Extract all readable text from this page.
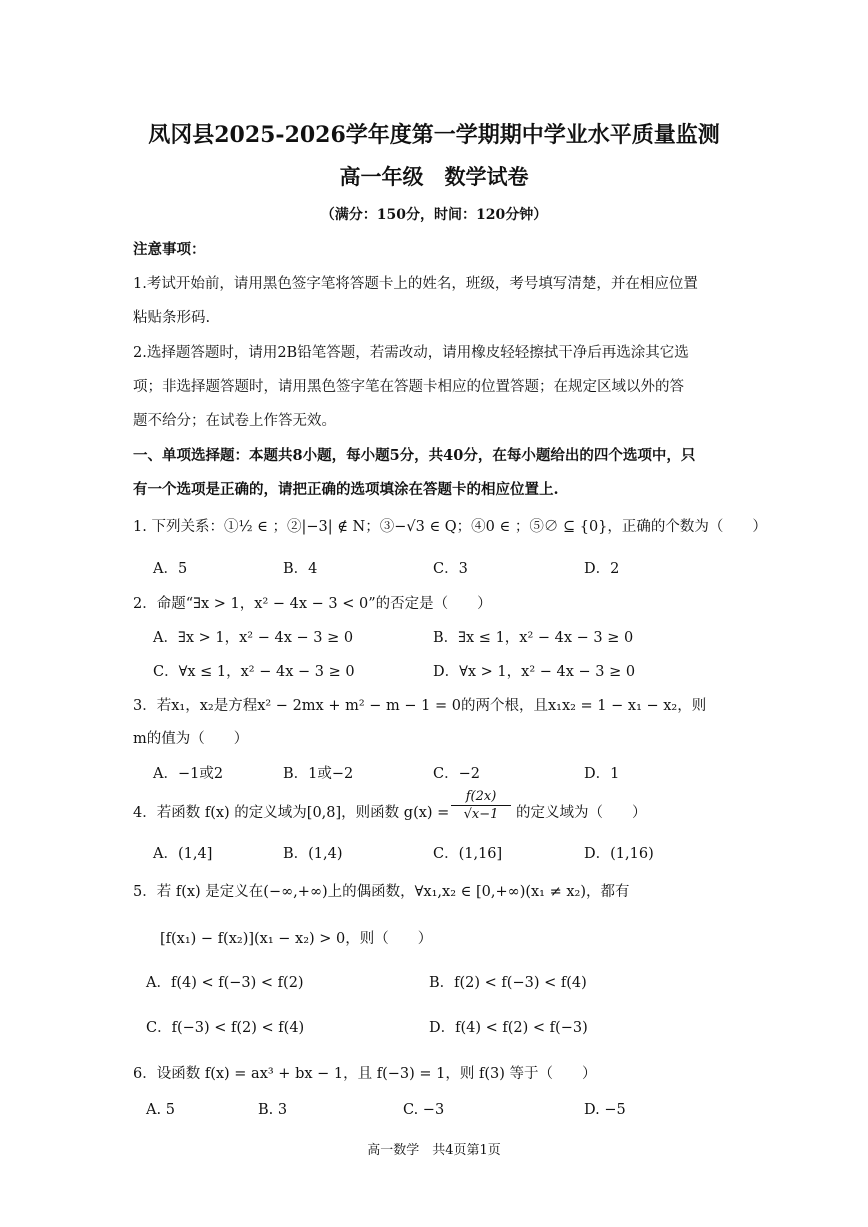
凤冈县2025-2026学年度第一学期期中学业水平质量监测
高一年级　数学试卷
（满分：150分，时间：120分钟）
注意事项：
1.考试开始前，请用黑色签字笔将答题卡上的姓名，班级，考号填写清楚，并在相应位置
粘贴条形码.
2.选择题答题时，请用2B铅笔答题，若需改动，请用橡皮轻轻擦拭干净后再选涂其它选
项；非选择题答题时，请用黑色签字笔在答题卡相应的位置答题；在规定区域以外的答
题不给分；在试卷上作答无效。
一、单项选择题：本题共8小题，每小题5分，共40分，在每小题给出的四个选项中，只
有一个选项是正确的，请把正确的选项填涂在答题卡的相应位置上.
1. 下列关系：①½ ∈ ；②|−3| ∉ N；③−√3 ∈ Q；④0 ∈ ；⑤∅ ⊆ {0}，正确的个数为（　　）
A．5	B．4	C．3	D．2
2．命题“∃x > 1，x² − 4x − 3 < 0”的否定是（　　）
A．∃x > 1，x² − 4x − 3 ≥ 0	B．∃x ≤ 1，x² − 4x − 3 ≥ 0
C．∀x ≤ 1，x² − 4x − 3 ≥ 0	D．∀x > 1，x² − 4x − 3 ≥ 0
3．若x₁，x₂是方程x² − 2mx + m² − m − 1 = 0的两个根，且x₁x₂ = 1 − x₁ − x₂，则
m的值为（　　）
A．−1或2	B．1或−2	C．−2	D．1
4．若函数 f(x) 的定义域为[0,8]，则函数 $g(x) = \frac{f(2x)}{√x-1}$ 的定义域为（　　）
A．(1,4]	B．(1,4)	C．(1,16]	D．(1,16)
5．若 f(x) 是定义在(−∞,+∞)上的偶函数，∀x₁,x₂ ∈ [0,+∞)(x₁ ≠ x₂)，都有
[f(x₁) − f(x₂)](x₁ − x₂) > 0，则（　　）
A．f(4) < f(−3) < f(2)	B．f(2) < f(−3) < f(4)
C．f(−3) < f(2) < f(4)	D．f(4) < f(2) < f(−3)
6．设函数 f(x) = ax³ + bx − 1，且 f(−3) = 1，则 f(3) 等于（　　）
A. 5	B. 3	C. −3	D. −5
高一数学　共4页第1页
